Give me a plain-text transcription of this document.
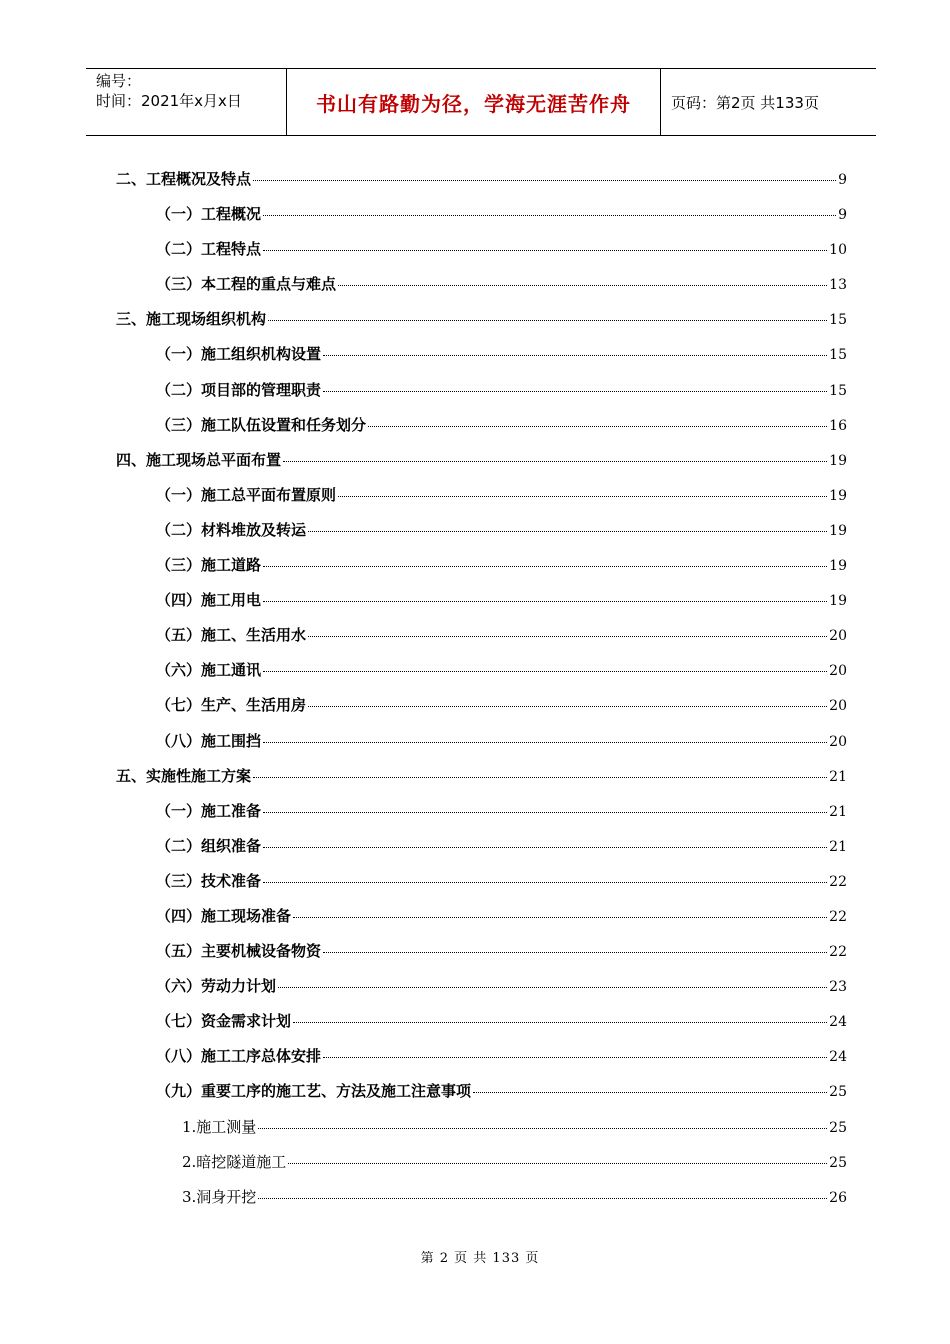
编号：
时间：2021年x月x日	书山有路勤为径，学海无涯苦作舟	页码：第2页 共133页
二、工程概况及特点	9
（一）工程概况	9
（二）工程特点	10
（三）本工程的重点与难点	13
三、施工现场组织机构	15
（一）施工组织机构设置	15
（二）项目部的管理职责	15
（三）施工队伍设置和任务划分	16
四、施工现场总平面布置	19
（一）施工总平面布置原则	19
（二）材料堆放及转运	19
（三）施工道路	19
（四）施工用电	19
（五）施工、生活用水	20
（六）施工通讯	20
（七）生产、生活用房	20
（八）施工围挡	20
五、实施性施工方案	21
（一）施工准备	21
（二）组织准备	21
（三）技术准备	22
（四）施工现场准备	22
（五）主要机械设备物资	22
（六）劳动力计划	23
（七）资金需求计划	24
（八）施工工序总体安排	24
（九）重要工序的施工艺、方法及施工注意事项	25
1.施工测量	25
2.暗挖隧道施工	25
3.洞身开挖	26
第 2 页 共 133 页
